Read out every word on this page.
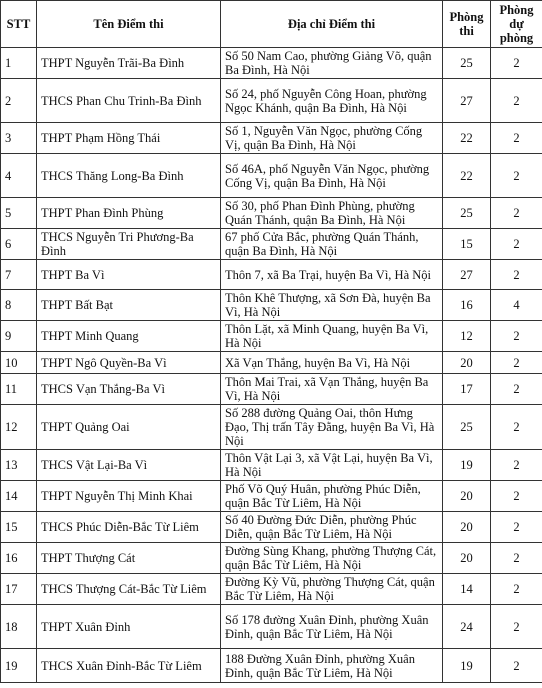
STT	Tên Điểm thi	Địa chỉ Điểm thi	Phòng thi	Phòng dự phòng
1	THPT Nguyễn Trãi-Ba Đình	Số 50 Nam Cao, phường Giảng Võ, quận Ba Đình, Hà Nội	25	2
2	THCS Phan Chu Trinh-Ba Đình	Số 24, phố Nguyễn Công Hoan, phường Ngọc Khánh, quận Ba Đình, Hà Nội	27	2
3	THPT Phạm Hồng Thái	Số 1, Nguyễn Văn Ngọc, phường Cống Vị, quận Ba Đình, Hà Nội	22	2
4	THCS Thăng Long-Ba Đình	Số 46A, phố Nguyễn Văn Ngọc, phường Cống Vị, quận Ba Đình, Hà Nội	22	2
5	THPT Phan Đình Phùng	Số 30, phố Phan Đình Phùng, phường Quán Thánh, quận Ba Đình, Hà Nội	25	2
6	THCS Nguyễn Tri Phương-Ba Đình	67 phố Cửa Bắc, phường Quán Thánh, quận Ba Đình, Hà Nội	15	2
7	THPT Ba Vì	Thôn 7, xã Ba Trại, huyện Ba Vì, Hà Nội	27	2
8	THPT Bất Bạt	Thôn Khê Thượng, xã Sơn Đà, huyện Ba Vì, Hà Nội	16	4
9	THPT Minh Quang	Thôn Lặt, xã Minh Quang, huyện Ba Vì, Hà Nội	12	2
10	THPT Ngô Quyền-Ba Vì	Xã Vạn Thắng, huyện Ba Vì, Hà Nội	20	2
11	THCS Vạn Thắng-Ba Vì	Thôn Mai Trai, xã Vạn Thắng, huyện Ba Vì, Hà Nội	17	2
12	THPT Quảng Oai	Số 288 đường Quảng Oai, thôn Hưng Đạo, Thị trấn Tây Đằng, huyện Ba Vì, Hà Nội	25	2
13	THCS Vật Lại-Ba Vì	Thôn Vật Lại 3, xã Vật Lại, huyện Ba Vì, Hà Nội	19	2
14	THPT Nguyễn Thị Minh Khai	Phố Võ Quý Huân, phường Phúc Diễn, quận Bắc Từ Liêm, Hà Nội	20	2
15	THCS Phúc Diễn-Bắc Từ Liêm	Số 40 Đường Đức Diễn, phường Phúc Diễn, quận Bắc Từ Liêm, Hà Nội	20	2
16	THPT Thượng Cát	Đường Sùng Khang, phường Thượng Cát, quận Bắc Từ Liêm, Hà Nội	20	2
17	THCS Thượng Cát-Bắc Từ Liêm	Đường Kỳ Vũ, phường Thượng Cát, quận Bắc Từ Liêm, Hà Nội	14	2
18	THPT Xuân Đỉnh	Số 178 đường Xuân Đỉnh, phường Xuân Đỉnh, quận Bắc Từ Liêm, Hà Nội	24	2
19	THCS Xuân Đỉnh-Bắc Từ Liêm	188 Đường Xuân Đỉnh, phường Xuân Đỉnh, quận Bắc Từ Liêm, Hà Nội	19	2
